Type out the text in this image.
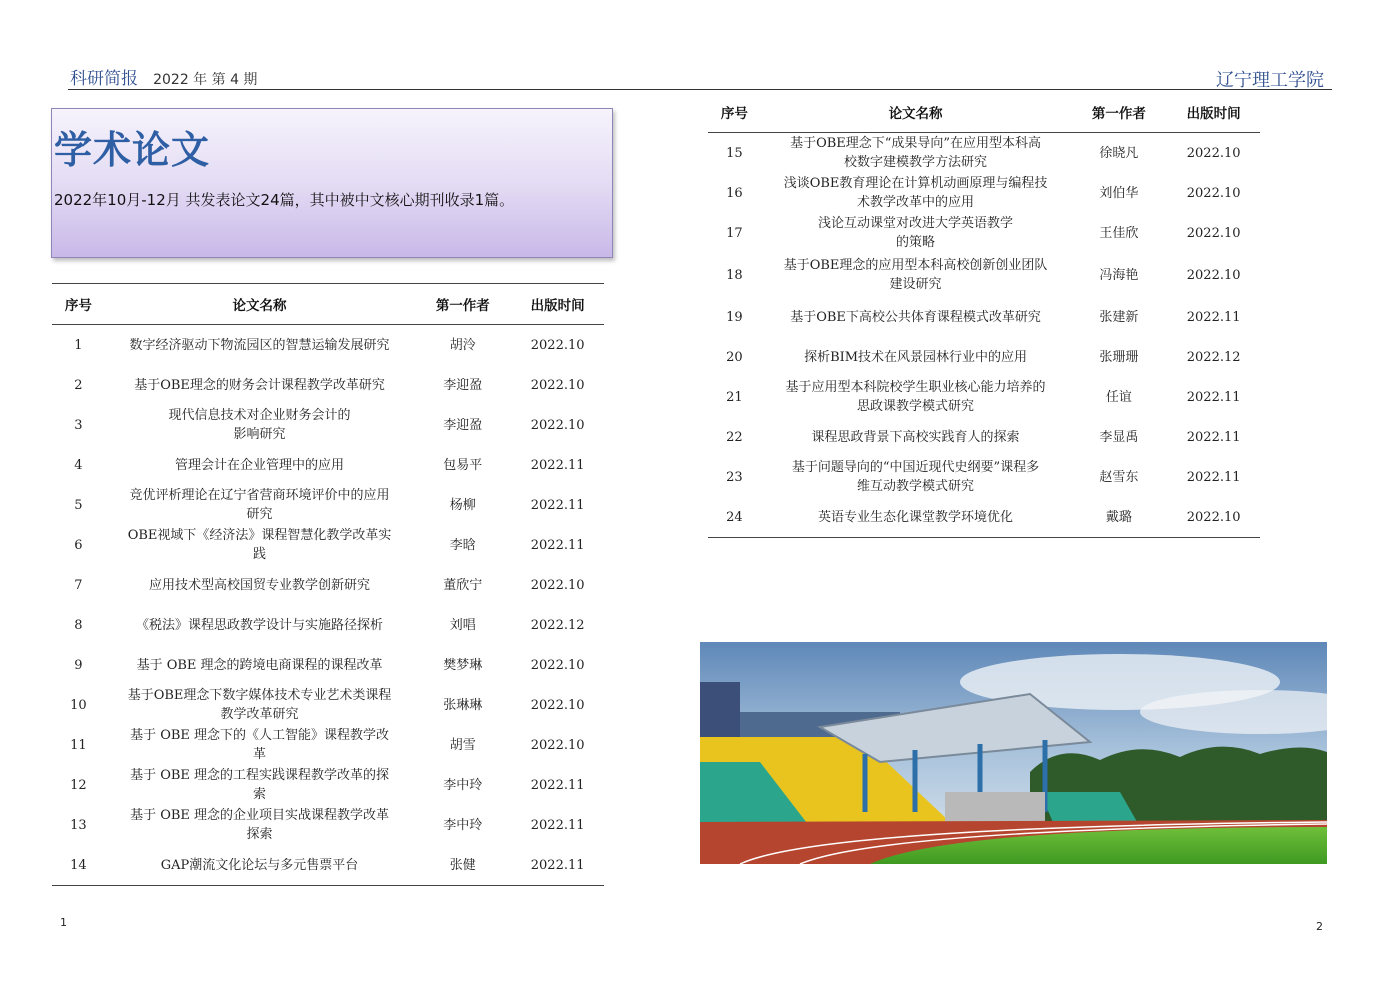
科研简报 2022 年 第 4 期	辽宁理工学院
学术论文
2022年10月-12月 共发表论文24篇，其中被中文核心期刊收录1篇。
序号	论文名称	第一作者	出版时间
1	数字经济驱动下物流园区的智慧运输发展研究	胡泠	2022.10
2	基于OBE理念的财务会计课程教学改革研究	李迎盈	2022.10
3	现代信息技术对企业财务会计的
影响研究	李迎盈	2022.10
4	管理会计在企业管理中的应用	包易平	2022.11
5	竞优评析理论在辽宁省营商环境评价中的应用
研究	杨柳	2022.11
6	OBE视域下《经济法》课程智慧化教学改革实
践	李晗	2022.11
7	应用技术型高校国贸专业教学创新研究	董欣宁	2022.10
8	《税法》课程思政教学设计与实施路径探析	刘唱	2022.12
9	基于 OBE 理念的跨境电商课程的课程改革	樊梦琳	2022.10
10	基于OBE理念下数字媒体技术专业艺术类课程
教学改革研究	张琳琳	2022.10
11	基于 OBE 理念下的《人工智能》课程教学改
革	胡雪	2022.10
12	基于 OBE 理念的工程实践课程教学改革的探
索	李中玲	2022.11
13	基于 OBE 理念的企业项目实战课程教学改革
探索	李中玲	2022.11
14	GAP潮流文化论坛与多元售票平台	张健	2022.11
序号	论文名称	第一作者	出版时间
15	基于OBE理念下“成果导向”在应用型本科高
校数字建模教学方法研究	徐晓凡	2022.10
16	浅谈OBE教育理论在计算机动画原理与编程技
术教学改革中的应用	刘伯华	2022.10
17	浅论互动课堂对改进大学英语教学
的策略	王佳欣	2022.10
18	基于OBE理念的应用型本科高校创新创业团队
建设研究	冯海艳	2022.10
19	基于OBE下高校公共体育课程模式改革研究	张建新	2022.11
20	探析BIM技术在风景园林行业中的应用	张珊珊	2022.12
21	基于应用型本科院校学生职业核心能力培养的
思政课教学模式研究	任谊	2022.11
22	课程思政背景下高校实践育人的探索	李显禹	2022.11
23	基于问题导向的“中国近现代史纲要”课程多
维互动教学模式研究	赵雪东	2022.11
24	英语专业生态化课堂教学环境优化	戴璐	2022.10
1	2
